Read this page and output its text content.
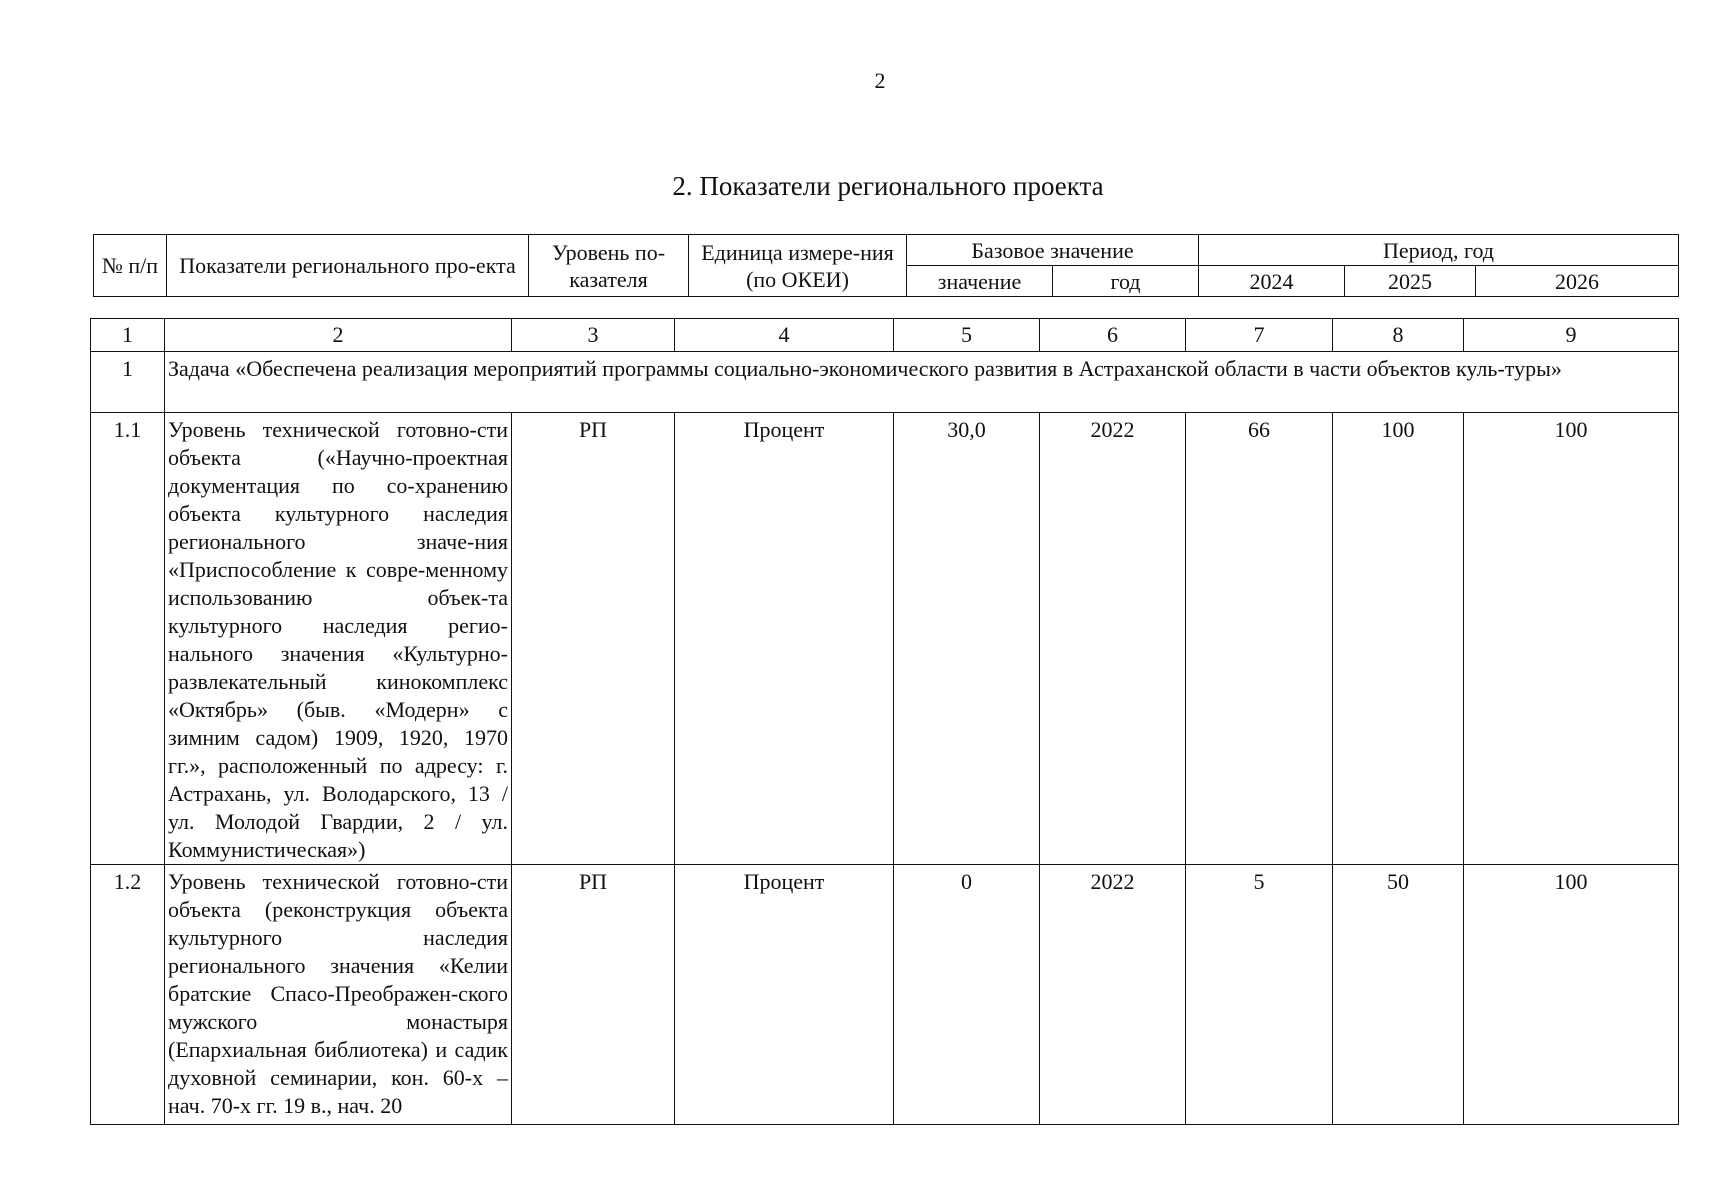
2
2. Показатели регионального проекта
№ п/п	Показатели регионального про-екта	Уровень по-казателя	Единица измере-ния (по ОКЕИ)	Базовое значение		Период, год		
				значение	год	2024	2025	2026
1	2	3	4	5	6	7	8	9
1	Задача «Обеспечена реализация мероприятий программы социально-экономического развития в Астраханской области в части объектов куль-туры»							
1.1	Уровень технической готовно-сти объекта («Научно-проектная документация по со-хранению объекта культурного наследия регионального значе-ния «Приспособление к совре-менному использованию объек-та культурного наследия регио-нального значения «Культурно-развлекательный кинокомплекс «Октябрь» (быв. «Модерн» с зимним садом) 1909, 1920, 1970 гг.», расположенный по адресу: г. Астрахань, ул. Володарского, 13 / ул. Молодой Гвардии, 2 / ул. Коммунистическая»)	РП	Процент	30,0	2022	66	100	100
1.2	Уровень технической готовно-сти объекта (реконструкция объекта культурного наследия регионального значения «Келии братские Спасо-Преображен-ского мужского монастыря (Епархиальная библиотека) и садик духовной семинарии, кон. 60-х – нач. 70-х гг. 19 в., нач. 20	РП	Процент	0	2022	5	50	100
